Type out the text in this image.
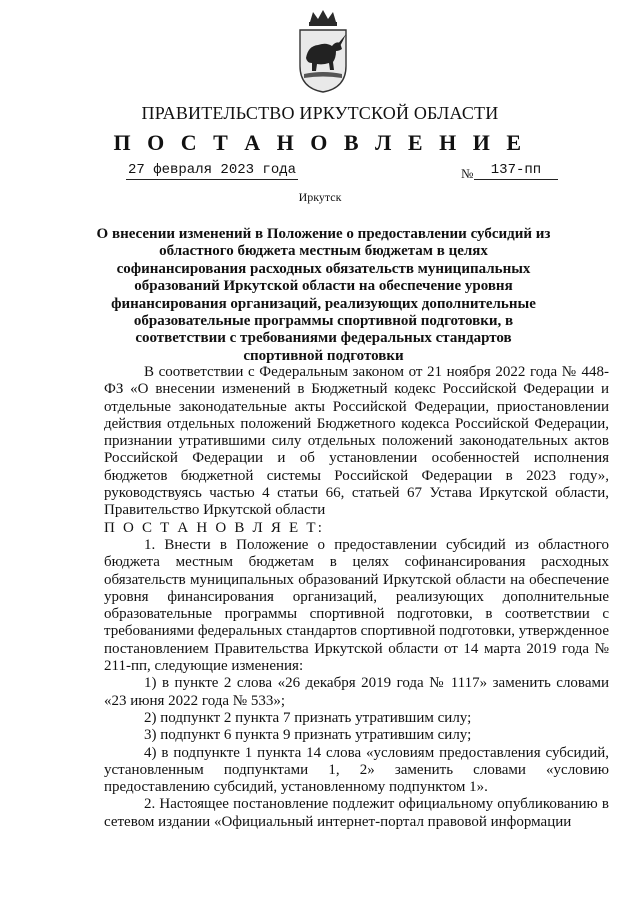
ПРАВИТЕЛЬСТВО ИРКУТСКОЙ ОБЛАСТИ
П О С Т А Н О В Л Е Н И Е
27 февраля 2023 года	№	137-пп
Иркутск
О внесении изменений в Положение о предоставлении субсидий из областного бюджета местным бюджетам в целях софинансирования расходных обязательств муниципальных образований Иркутской области на обеспечение уровня финансирования организаций, реализующих дополнительные образовательные программы спортивной подготовки, в соответствии с требованиями федеральных стандартов спортивной подготовки

В соответствии с Федеральным законом от 21 ноября 2022 года № 448-ФЗ «О внесении изменений в Бюджетный кодекс Российской Федерации и отдельные законодательные акты Российской Федерации, приостановлении действия отдельных положений Бюджетного кодекса Российской Федерации, признании утратившими силу отдельных положений законодательных актов Российской Федерации и об установлении особенностей исполнения бюджетов бюджетной системы Российской Федерации в 2023 году», руководствуясь частью 4 статьи 66, статьей 67 Устава Иркутской области, Правительство Иркутской области

П О С Т А Н О В Л Я Е Т:

1. Внести в Положение о предоставлении субсидий из областного бюджета местным бюджетам в целях софинансирования расходных обязательств муниципальных образований Иркутской области на обеспечение уровня финансирования организаций, реализующих дополнительные образовательные программы спортивной подготовки, в соответствии с требованиями федеральных стандартов спортивной подготовки, утвержденное постановлением Правительства Иркутской области от 14 марта 2019 года № 211-пп, следующие изменения:

1) в пункте 2 слова «26 декабря 2019 года № 1117» заменить словами «23 июня 2022 года № 533»;

2) подпункт 2 пункта 7 признать утратившим силу;

3) подпункт 6 пункта 9 признать утратившим силу;

4) в подпункте 1 пункта 14 слова «условиям предоставления субсидий, установленным подпунктами 1, 2» заменить словами «условию предоставлению субсидий, установленному подпунктом 1».

2. Настоящее постановление подлежит официальному опубликованию в сетевом издании «Официальный интернет-портал правовой информации
